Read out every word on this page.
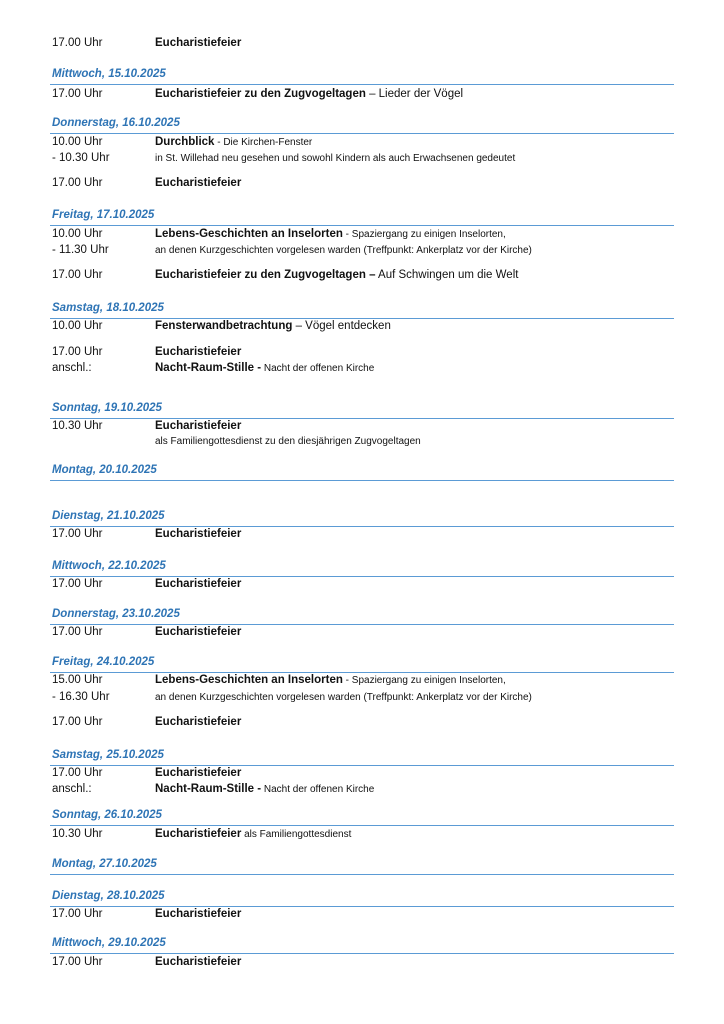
17.00 Uhr	Eucharistiefeier
Mittwoch, 15.10.2025
17.00 Uhr	Eucharistiefeier zu den Zugvogeltagen – Lieder der Vögel
Donnerstag, 16.10.2025
10.00 Uhr	Durchblick - Die Kirchen-Fenster
- 10.30 Uhr	in St. Willehad neu gesehen und sowohl Kindern als auch Erwachsenen gedeutet
17.00 Uhr	Eucharistiefeier
Freitag, 17.10.2025
10.00 Uhr	Lebens-Geschichten an Inselorten - Spaziergang zu einigen Inselorten,
- 11.30 Uhr	an denen Kurzgeschichten vorgelesen warden (Treffpunkt: Ankerplatz vor der Kirche)
17.00 Uhr	Eucharistiefeier zu den Zugvogeltagen – Auf Schwingen um die Welt
Samstag, 18.10.2025
10.00 Uhr	Fensterwandbetrachtung – Vögel entdecken
17.00 Uhr	Eucharistiefeier
anschl.:	Nacht-Raum-Stille - Nacht der offenen Kirche
Sonntag, 19.10.2025
10.30 Uhr	Eucharistiefeier
als Familiengottesdienst zu den diesjährigen Zugvogeltagen
Montag, 20.10.2025
Dienstag, 21.10.2025
17.00 Uhr	Eucharistiefeier
Mittwoch, 22.10.2025
17.00 Uhr	Eucharistiefeier
Donnerstag, 23.10.2025
17.00 Uhr	Eucharistiefeier
Freitag, 24.10.2025
15.00 Uhr	Lebens-Geschichten an Inselorten - Spaziergang zu einigen Inselorten,
- 16.30 Uhr	an denen Kurzgeschichten vorgelesen warden (Treffpunkt: Ankerplatz vor der Kirche)
17.00 Uhr	Eucharistiefeier
Samstag, 25.10.2025
17.00 Uhr	Eucharistiefeier
anschl.:	Nacht-Raum-Stille - Nacht der offenen Kirche
Sonntag, 26.10.2025
10.30 Uhr	Eucharistiefeier als Familiengottesdienst
Montag, 27.10.2025
Dienstag, 28.10.2025
17.00 Uhr	Eucharistiefeier
Mittwoch, 29.10.2025
17.00 Uhr	Eucharistiefeier
